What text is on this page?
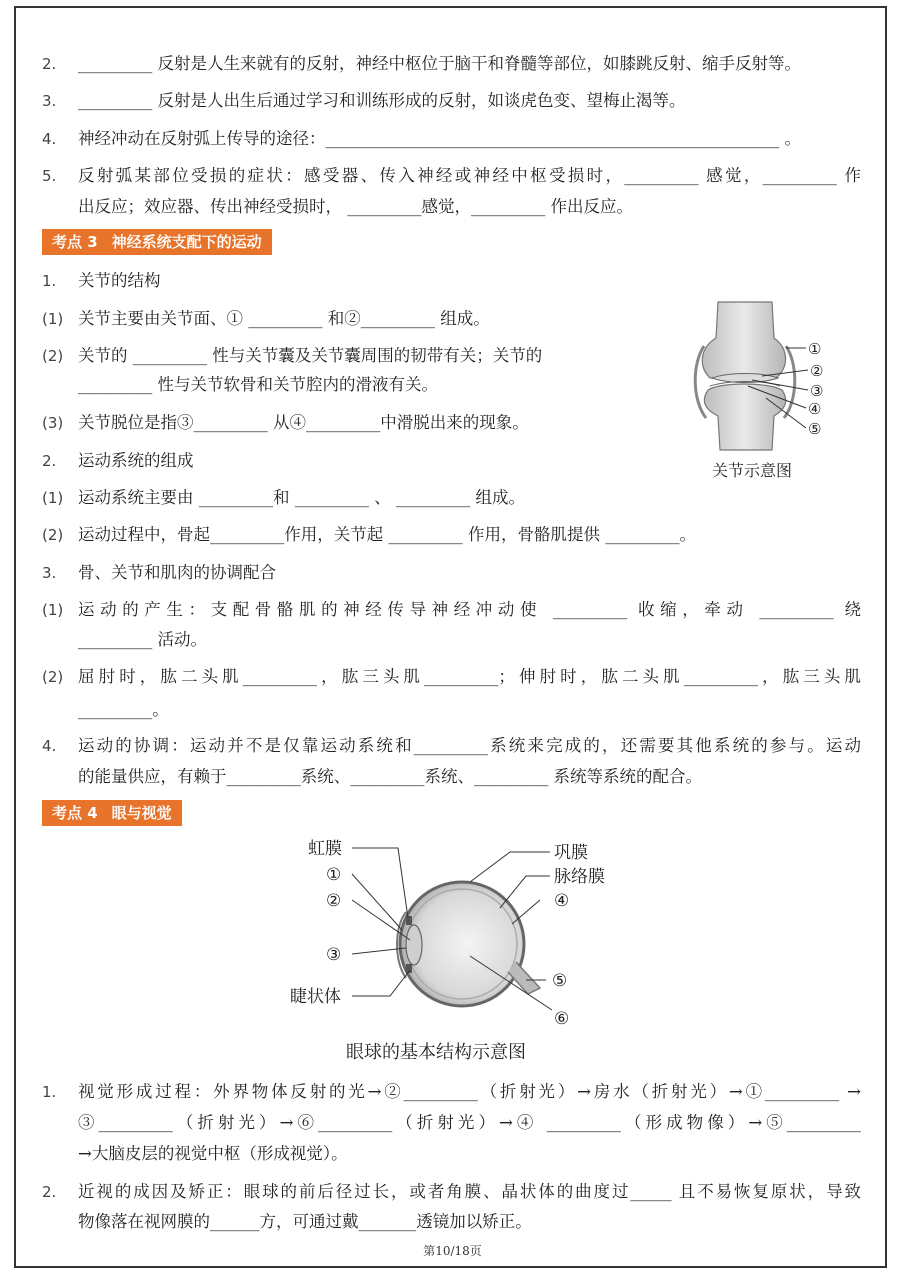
2. _________ 反射是人生来就有的反射，神经中枢位于脑干和脊髓等部位，如膝跳反射、缩手反射等。
3. _________ 反射是人出生后通过学习和训练形成的反射，如谈虎色变、望梅止渴等。
4. 神经冲动在反射弧上传导的途径：_______________________________________________________ 。
5. 反射弧某部位受损的症状：感受器、传入神经或神经中枢受损时，_________ 感觉，_________ 作
出反应；效应器、传出神经受损时， _________感觉，_________ 作出反应。
考点 3 神经系统支配下的运动
1. 关节的结构
(1) 关节主要由关节面、① _________ 和②_________ 组成。
(2) 关节的 _________ 性与关节囊及关节囊周围的韧带有关；关节的
_________ 性与关节软骨和关节腔内的滑液有关。
(3) 关节脱位是指③_________ 从④_________中滑脱出来的现象。
①
②
③
④
⑤
关节示意图
2. 运动系统的组成
(1) 运动系统主要由 _________和 _________ 、 _________ 组成。
(2) 运动过程中，骨起_________作用，关节起 _________ 作用，骨骼肌提供 _________。
3. 骨、关节和肌肉的协调配合
(1) 运动的产生：支配骨骼肌的神经传导神经冲动使 _________ 收缩，牵动 _________ 绕
_________ 活动。
(2) 屈肘时，肱二头肌_________，肱三头肌_________；伸肘时，肱二头肌_________，肱三头肌
_________。
4. 运动的协调：运动并不是仅靠运动系统和_________系统来完成的，还需要其他系统的参与。运动
的能量供应，有赖于_________系统、_________系统、_________ 系统等系统的配合。
考点 4 眼与视觉
虹膜
①
②
③
睫状体
巩膜
脉络膜
④
⑤
⑥
眼球的基本结构示意图
1. 视觉形成过程：外界物体反射的光→②_________（折射光）→房水（折射光）→①_________ →
③_________（折射光）→⑥_________（折射光）→④ _________（形成物像）→⑤_________
→大脑皮层的视觉中枢（形成视觉）。
2. 近视的成因及矫正：眼球的前后径过长，或者角膜、晶状体的曲度过_____ 且不易恢复原状，导致
物像落在视网膜的______方，可通过戴_______透镜加以矫正。
第10/18页
